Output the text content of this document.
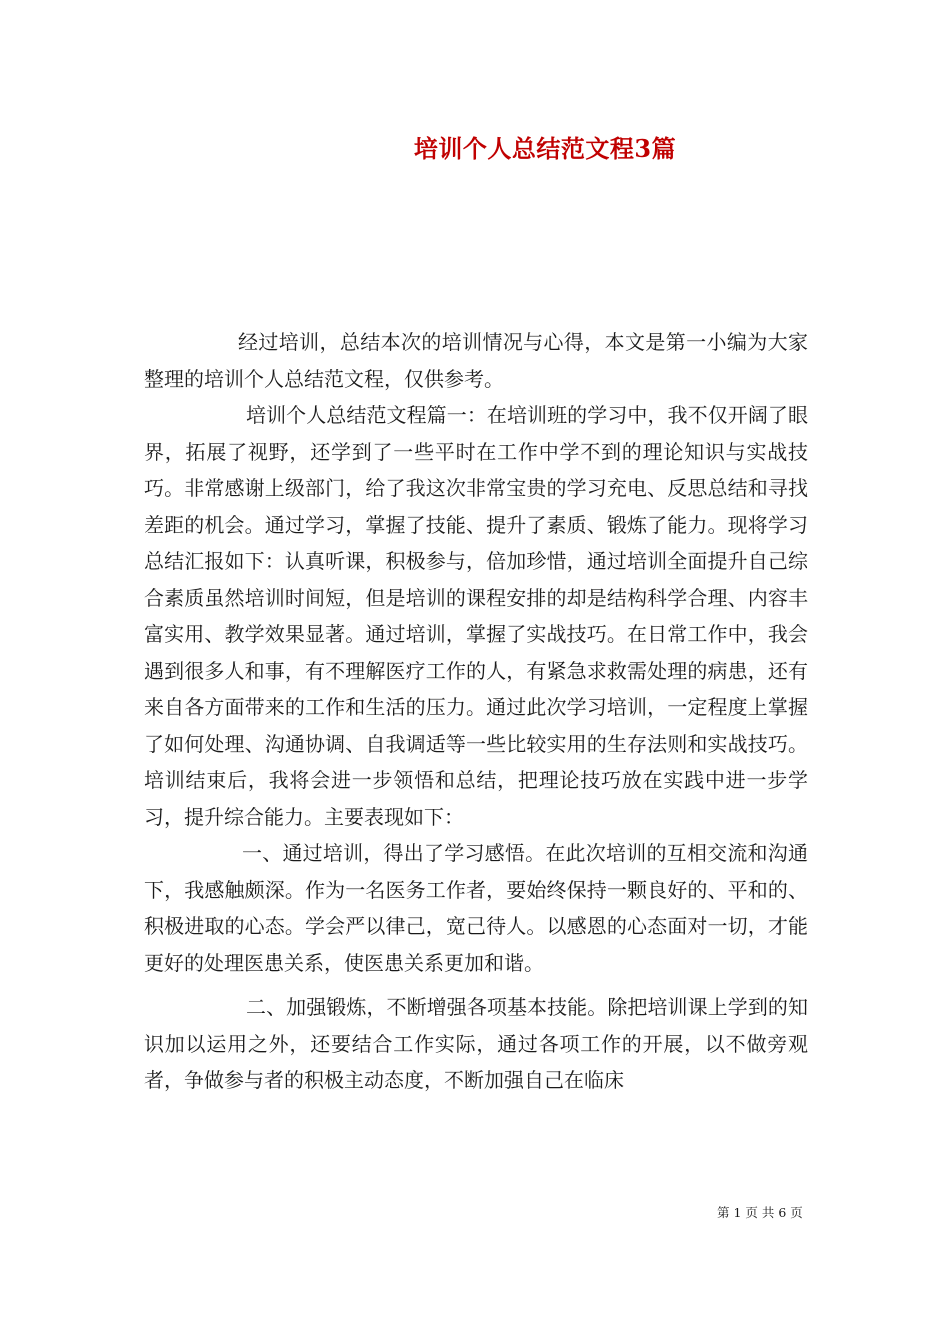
培训个人总结范文程3篇

经过培训，总结本次的培训情况与心得，本文是第一小编为大家整理的培训个人总结范文程，仅供参考。

培训个人总结范文程篇一：在培训班的学习中，我不仅开阔了眼界，拓展了视野，还学到了一些平时在工作中学不到的理论知识与实战技巧。非常感谢上级部门，给了我这次非常宝贵的学习充电、反思总结和寻找差距的机会。通过学习，掌握了技能、提升了素质、锻炼了能力。现将学习总结汇报如下：认真听课，积极参与，倍加珍惜，通过培训全面提升自己综合素质虽然培训时间短，但是培训的课程安排的却是结构科学合理、内容丰富实用、教学效果显著。通过培训，掌握了实战技巧。在日常工作中，我会遇到很多人和事，有不理解医疗工作的人，有紧急求救需处理的病患，还有来自各方面带来的工作和生活的压力。通过此次学习培训，一定程度上掌握了如何处理、沟通协调、自我调适等一些比较实用的生存法则和实战技巧。培训结束后，我将会进一步领悟和总结，把理论技巧放在实践中进一步学习，提升综合能力。主要表现如下：

一、通过培训，得出了学习感悟。在此次培训的互相交流和沟通下，我感触颇深。作为一名医务工作者，要始终保持一颗良好的、平和的、积极进取的心态。学会严以律己，宽己待人。以感恩的心态面对一切，才能更好的处理医患关系，使医患关系更加和谐。

二、加强锻炼，不断增强各项基本技能。除把培训课上学到的知识加以运用之外，还要结合工作实际，通过各项工作的开展，以不做旁观者，争做参与者的积极主动态度，不断加强自己在临床

第 1 页 共 6 页
